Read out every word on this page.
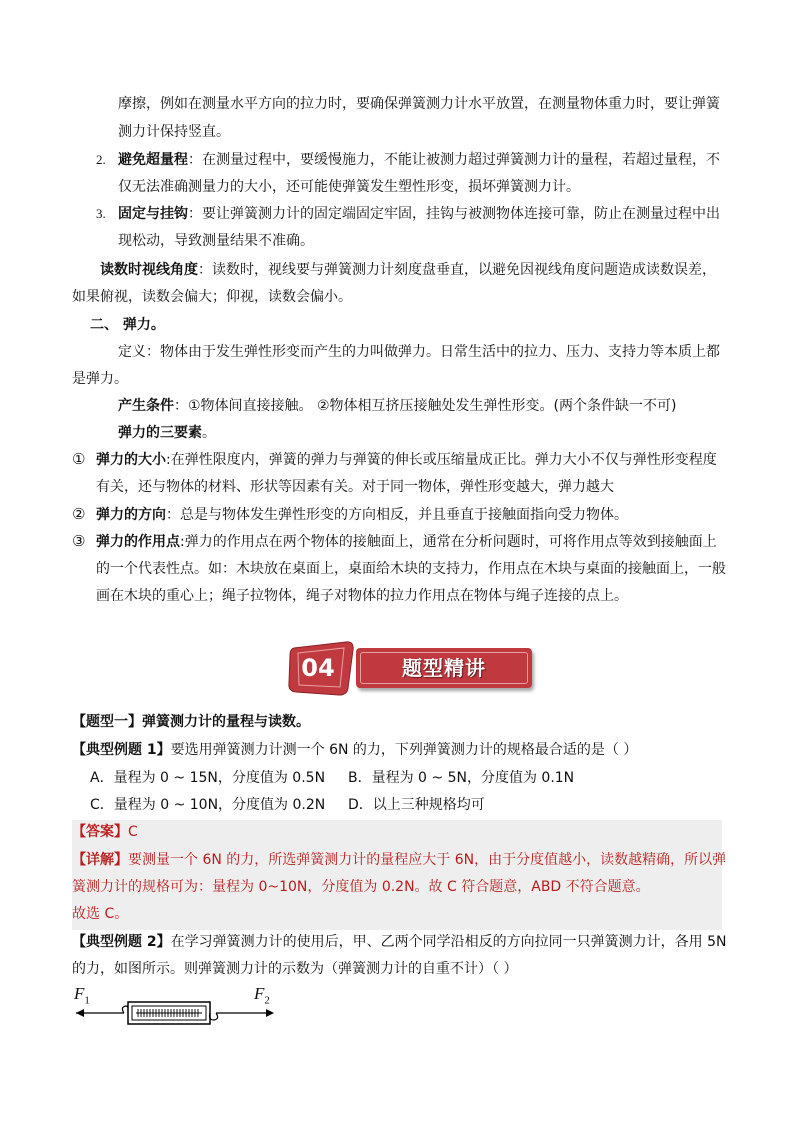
摩擦，例如在测量水平方向的拉力时，要确保弹簧测力计水平放置，在测量物体重力时，要让弹簧
测力计保持竖直。
2. 避免超量程：在测量过程中，要缓慢施力，不能让被测力超过弹簧测力计的量程，若超过量程，不
仅无法准确测量力的大小，还可能使弹簧发生塑性形变，损坏弹簧测力计。
3. 固定与挂钩：要让弹簧测力计的固定端固定牢固，挂钩与被测物体连接可靠，防止在测量过程中出
现松动，导致测量结果不准确。
读数时视线角度：读数时，视线要与弹簧测力计刻度盘垂直，以避免因视线角度问题造成读数误差，
如果俯视，读数会偏大；仰视，读数会偏小。
二、 弹力。
定义：物体由于发生弹性形变而产生的力叫做弹力。日常生活中的拉力、压力、支持力等本质上都
是弹力。
产生条件：①物体间直接接触。 ②物体相互挤压接触处发生弹性形变。(两个条件缺一不可)
弹力的三要素。
① 弹力的大小:在弹性限度内，弹簧的弹力与弹簧的伸长或压缩量成正比。弹力大小不仅与弹性形变程度
有关，还与物体的材料、形状等因素有关。对于同一物体，弹性形变越大，弹力越大
② 弹力的方向：总是与物体发生弹性形变的方向相反，并且垂直于接触面指向受力物体。
③ 弹力的作用点:弹力的作用点在两个物体的接触面上，通常在分析问题时，可将作用点等效到接触面上
的一个代表性点。如：木块放在桌面上，桌面给木块的支持力，作用点在木块与桌面的接触面上，一般
画在木块的重心上；绳子拉物体，绳子对物体的拉力作用点在物体与绳子连接的点上。
04	题型精讲
【题型一】弹簧测力计的量程与读数。
【典型例题 1】要选用弹簧测力计测一个 6N 的力，下列弹簧测力计的规格最合适的是（ ）
A．量程为 0 ~ 15N，分度值为 0.5N B．量程为 0 ~ 5N，分度值为 0.1N
C．量程为 0 ~ 10N，分度值为 0.2N D．以上三种规格均可
【答案】C
【详解】要测量一个 6N 的力，所选弹簧测力计的量程应大于 6N，由于分度值越小，读数越精确，所以弹
簧测力计的规格可为：量程为 0~10N，分度值为 0.2N。故 C 符合题意，ABD 不符合题意。
故选 C。
【典型例题 2】在学习弹簧测力计的使用后，甲、乙两个同学沿相反的方向拉同一只弹簧测力计，各用 5N
的力，如图所示。则弹簧测力计的示数为（弹簧测力计的自重不计）（ ）
$F_1$	$F_2$
